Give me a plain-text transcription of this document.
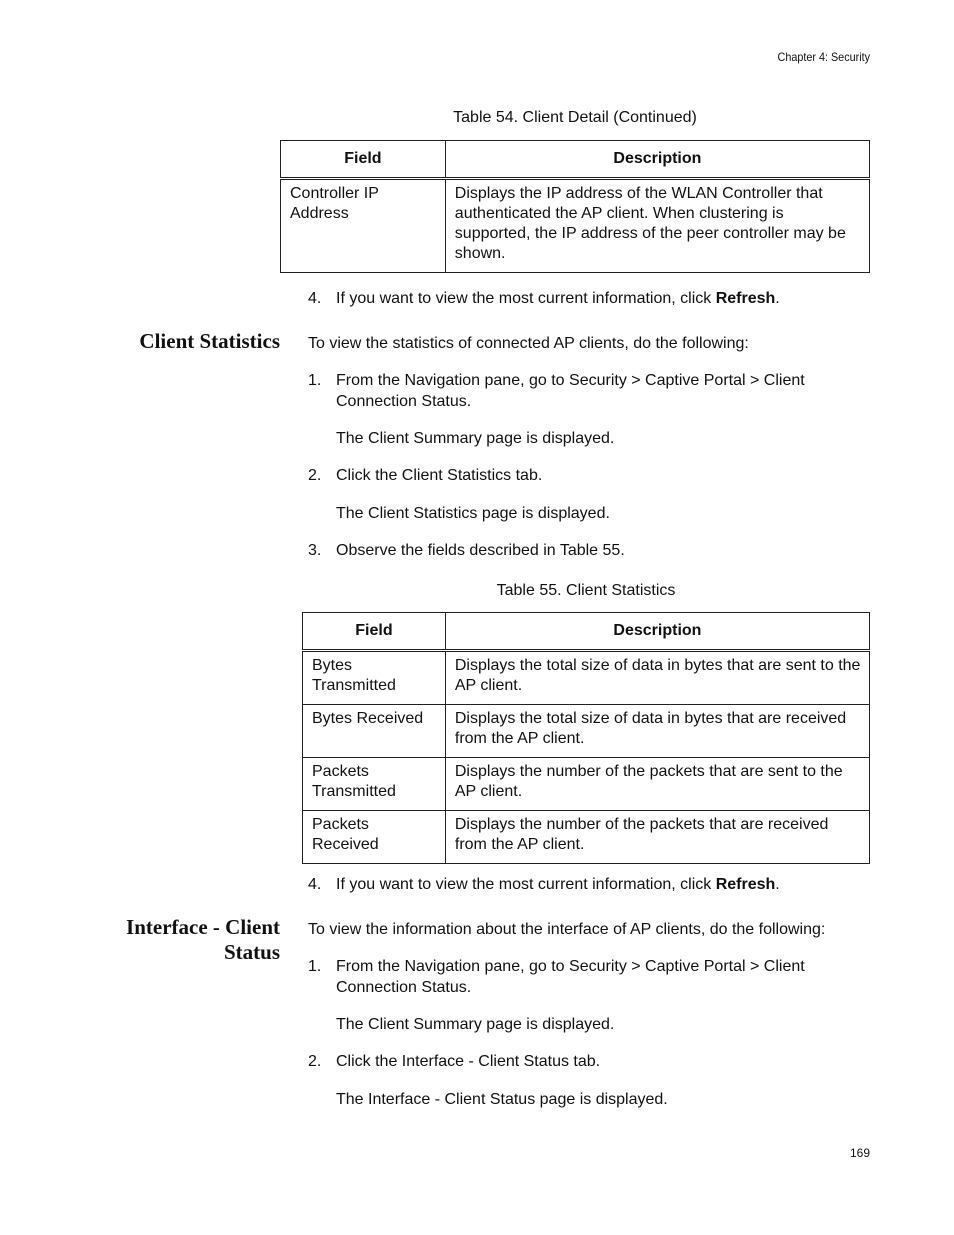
Chapter 4: Security
Table 54. Client Detail (Continued)
Field	Description
Controller IP Address	Displays the IP address of the WLAN Controller that authenticated the AP client. When clustering is supported, the IP address of the peer controller may be shown.
4. If you want to view the most current information, click Refresh.
Client Statistics To view the statistics of connected AP clients, do the following:
1. From the Navigation pane, go to Security > Captive Portal > Client Connection Status.
The Client Summary page is displayed.
2. Click the Client Statistics tab.
The Client Statistics page is displayed.
3. Observe the fields described in Table 55.
Table 55. Client Statistics
Field	Description
Bytes Transmitted	Displays the total size of data in bytes that are sent to the AP client.
Bytes Received	Displays the total size of data in bytes that are received from the AP client.
Packets Transmitted	Displays the number of the packets that are sent to the AP client.
Packets Received	Displays the number of the packets that are received from the AP client.
4. If you want to view the most current information, click Refresh.
Interface - Client
Status
To view the information about the interface of AP clients, do the following:
1. From the Navigation pane, go to Security > Captive Portal > Client Connection Status.
The Client Summary page is displayed.
2. Click the Interface - Client Status tab.
The Interface - Client Status page is displayed.
169
